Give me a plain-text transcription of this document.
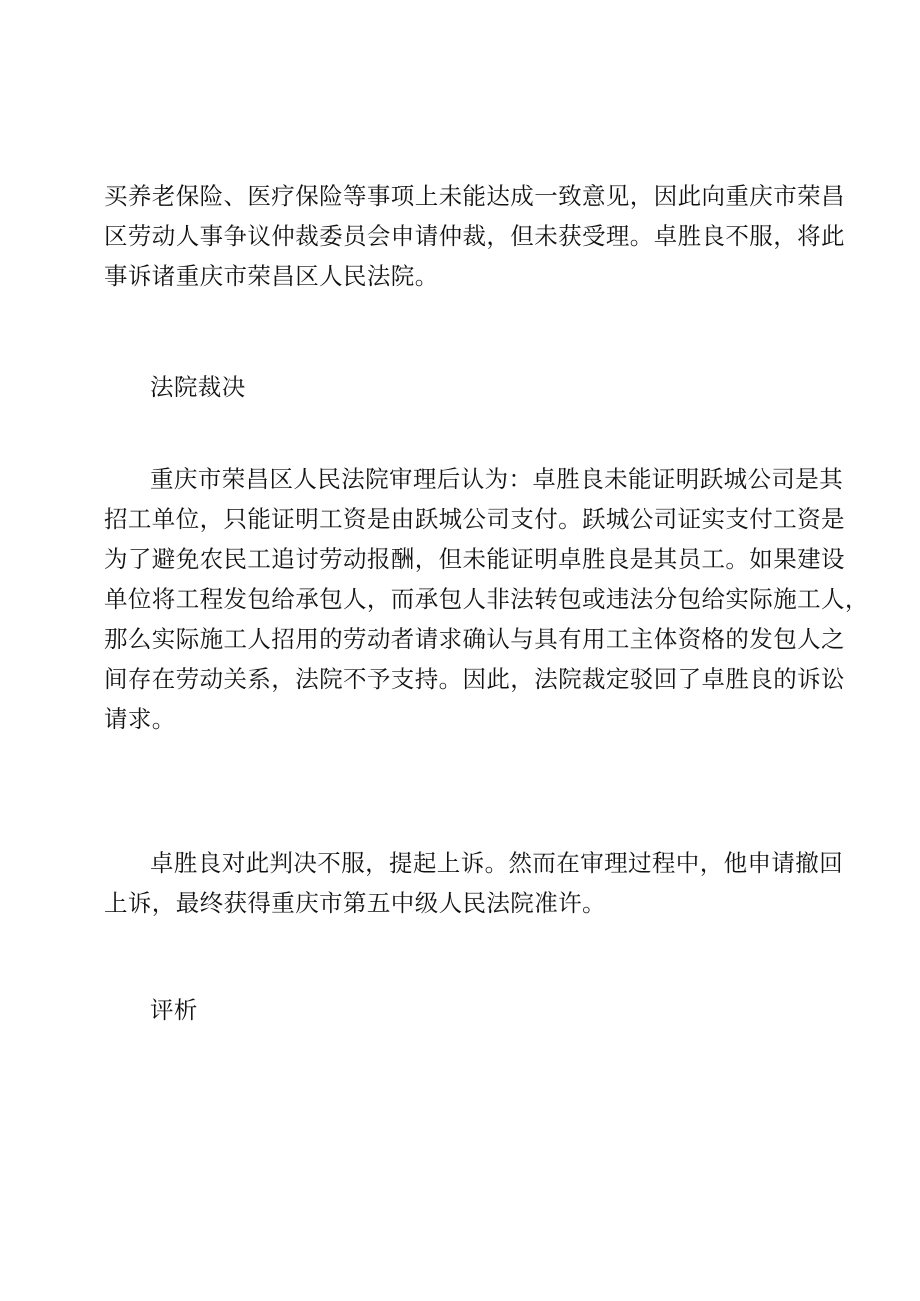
买养老保险、医疗保险等事项上未能达成一致意见，因此向重庆市荣昌
区劳动人事争议仲裁委员会申请仲裁，但未获受理。卓胜良不服，将此
事诉诸重庆市荣昌区人民法院。
法院裁决
重庆市荣昌区人民法院审理后认为：卓胜良未能证明跃城公司是其
招工单位，只能证明工资是由跃城公司支付。跃城公司证实支付工资是
为了避免农民工追讨劳动报酬，但未能证明卓胜良是其员工。如果建设
单位将工程发包给承包人，而承包人非法转包或违法分包给实际施工人，
那么实际施工人招用的劳动者请求确认与具有用工主体资格的发包人之
间存在劳动关系，法院不予支持。因此，法院裁定驳回了卓胜良的诉讼
请求。
卓胜良对此判决不服，提起上诉。然而在审理过程中，他申请撤回
上诉，最终获得重庆市第五中级人民法院准许。
评析
